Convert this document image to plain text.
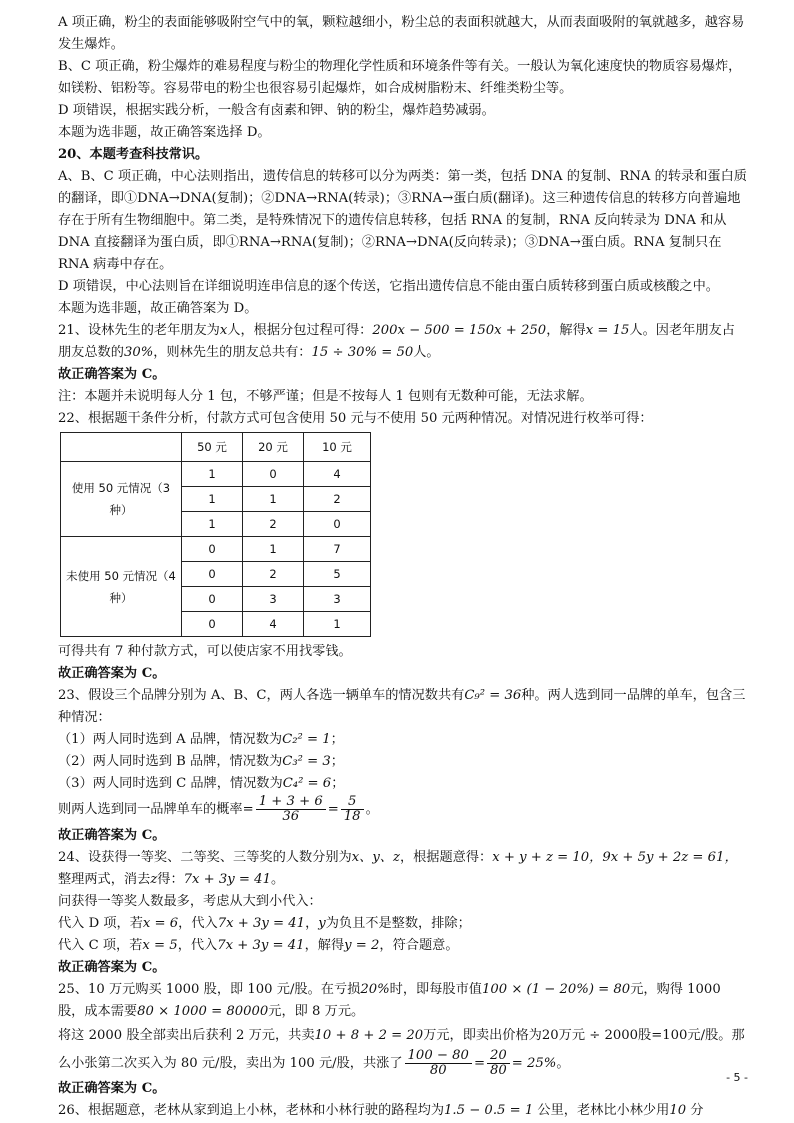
A 项正确，粉尘的表面能够吸附空气中的氧，颗粒越细小，粉尘总的表面积就越大，从而表面吸附的氧就越多，越容易发生爆炸。

B、C 项正确，粉尘爆炸的难易程度与粉尘的物理化学性质和环境条件等有关。一般认为氧化速度快的物质容易爆炸，如镁粉、铝粉等。容易带电的粉尘也很容易引起爆炸，如合成树脂粉末、纤维类粉尘等。

D 项错误，根据实践分析，一般含有卤素和钾、钠的粉尘，爆炸趋势减弱。

本题为选非题，故正确答案选择 D。

20、本题考查科技常识。

A、B、C 项正确，中心法则指出，遗传信息的转移可以分为两类：第一类，包括 DNA 的复制、RNA 的转录和蛋白质的翻译，即①DNA→DNA(复制)；②DNA→RNA(转录)；③RNA→蛋白质(翻译)。这三种遗传信息的转移方向普遍地存在于所有生物细胞中。第二类，是特殊情况下的遗传信息转移，包括 RNA 的复制，RNA 反向转录为 DNA 和从 DNA 直接翻译为蛋白质，即①RNA→RNA(复制)；②RNA→DNA(反向转录)；③DNA→蛋白质。RNA 复制只在 RNA 病毒中存在。

D 项错误，中心法则旨在详细说明连串信息的逐个传送，它指出遗传信息不能由蛋白质转移到蛋白质或核酸之中。

本题为选非题，故正确答案为 D。

21、设林先生的老年朋友为x人，根据分包过程可得：200x − 500 = 150x + 250，解得x = 15人。因老年朋友占朋友总数的30%，则林先生的朋友总共有：15 ÷ 30% = 50人。

故正确答案为 C。

注：本题并未说明每人分 1 包，不够严谨；但是不按每人 1 包则有无数种可能，无法求解。

22、根据题干条件分析，付款方式可包含使用 50 元与不使用 50 元两种情况。对情况进行枚举可得：

	50 元	20 元	10 元
使用 50 元情况（3 种）	1	0	4
	1	1	2
	1	2	0
未使用 50 元情况（4 种）	0	1	7
	0	2	5
	0	3	3
	0	4	1

可得共有 7 种付款方式，可以使店家不用找零钱。

故正确答案为 C。

23、假设三个品牌分别为 A、B、C，两人各选一辆单车的情况数共有C₉² = 36种。两人选到同一品牌的单车，包含三种情况：

（1）两人同时选到 A 品牌，情况数为C₂² = 1；

（2）两人同时选到 B 品牌，情况数为C₃² = 3；

（3）两人同时选到 C 品牌，情况数为C₄² = 6；

则两人选到同一品牌单车的概率= $\frac{1 + 3 + 6}{36} = \frac{5}{18}$ 。

故正确答案为 C。

24、设获得一等奖、二等奖、三等奖的人数分别为x、y、z，根据题意得：x + y + z = 10，9x + 5y + 2z = 61，

整理两式，消去z得：7x + 3y = 41。

问获得一等奖人数最多，考虑从大到小代入：

代入 D 项，若x = 6，代入7x + 3y = 41，y为负且不是整数，排除；

代入 C 项，若x = 5，代入7x + 3y = 41，解得y = 2，符合题意。

故正确答案为 C。

25、10 万元购买 1000 股，即 100 元/股。在亏损20%时，即每股市值100 × (1 − 20%) = 80元，购得 1000 股，成本需要80 × 1000 = 80000元，即 8 万元。

将这 2000 股全部卖出后获利 2 万元，共卖10 + 8 + 2 = 20万元，即卖出价格为20万元 ÷ 2000股=100元/股。那么小张第二次买入为 80 元/股，卖出为 100 元/股，共涨了 $\frac{100 - 80}{80} = \frac{20}{80} = 25\%$。

故正确答案为 C。

26、根据题意，老林从家到追上小林，老林和小林行驶的路程均为1.5 − 0.5 = 1 公里，老林比小林少用10 分

- 5 -
